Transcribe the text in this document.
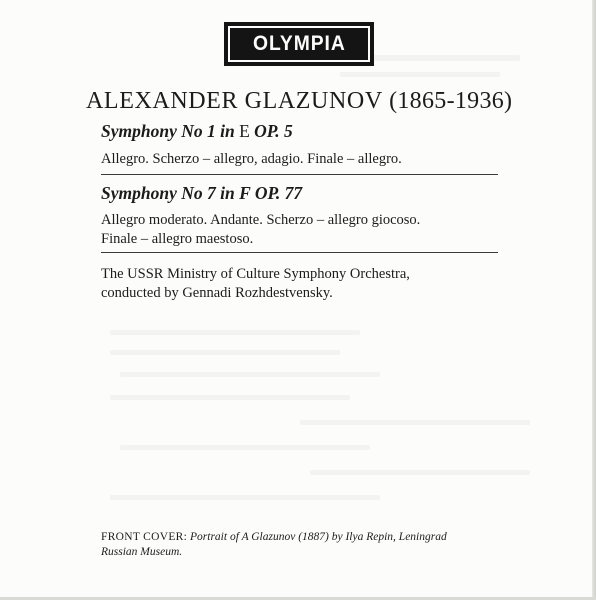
OLYMPIA
ALEXANDER GLAZUNOV (1865-1936)
Symphony No 1 in E OP. 5
Allegro. Scherzo – allegro, adagio. Finale – allegro.
Symphony No 7 in F OP. 77
Allegro moderato. Andante. Scherzo – allegro giocoso.
Finale – allegro maestoso.
The USSR Ministry of Culture Symphony Orchestra,
conducted by Gennadi Rozhdestvensky.
FRONT COVER: Portrait of A Glazunov (1887) by Ilya Repin, Leningrad
Russian Museum.
